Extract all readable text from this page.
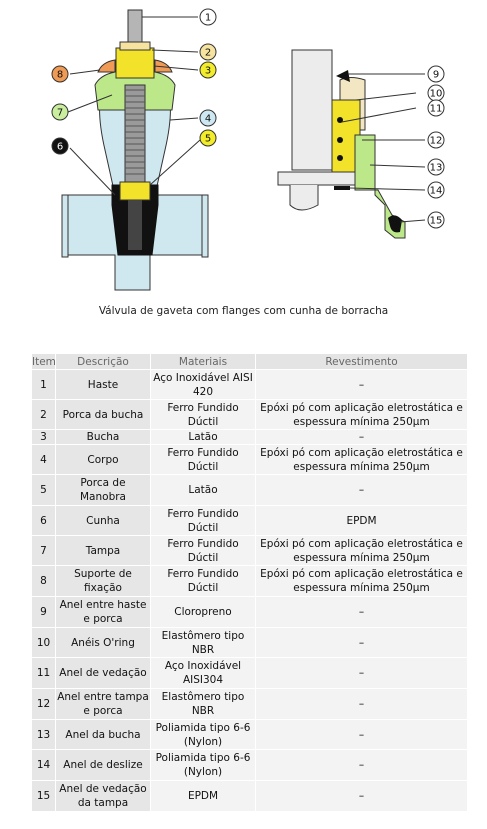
1
2
3
4
5
6
7
8	9
10
11
12
13
14
15
Válvula de gaveta com flanges com cunha de borracha
Item	Descrição	Materiais	Revestimento
1	Haste	Aço Inoxidável AISI 420	–
2	Porca da bucha	Ferro Fundido Dúctil	Epóxi pó com aplicação eletrostática e espessura mínima 250µm
3	Bucha	Latão	–
4	Corpo	Ferro Fundido Dúctil	Epóxi pó com aplicação eletrostática e espessura mínima 250µm
5	Porca de Manobra	Latão	–
6	Cunha	Ferro Fundido Dúctil	EPDM
7	Tampa	Ferro Fundido Dúctil	Epóxi pó com aplicação eletrostática e espessura mínima 250µm
8	Suporte de fixação	Ferro Fundido Dúctil	Epóxi pó com aplicação eletrostática e espessura mínima 250µm
9	Anel entre haste e porca	Cloropreno	–
10	Anéis O'ring	Elastômero tipo NBR	–
11	Anel de vedação	Aço Inoxidável AISI304	–
12	Anel entre tampa e porca	Elastômero tipo NBR	–
13	Anel da bucha	Poliamida tipo 6-6 (Nylon)	–
14	Anel de deslize	Poliamida tipo 6-6 (Nylon)	–
15	Anel de vedação da tampa	EPDM	–
